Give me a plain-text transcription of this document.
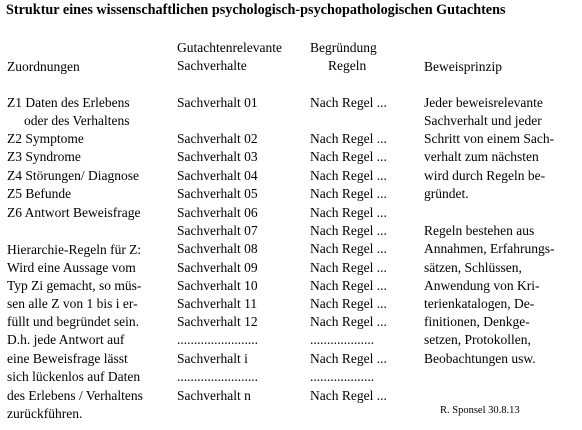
Struktur eines wissenschaftlichen psychologisch-psychopathologischen Gutachtens
Zuordnungen
Gutachtenrelevante
Sachverhalte
Begründung
Regeln	Beweisprinzip
Z1 Daten des Erlebens
oder des Verhaltens
Z2 Symptome
Z3 Syndrome
Z4 Störungen/ Diagnose
Z5 Befunde
Z6 Antwort Beweisfrage
Hierarchie-Regeln für Z:
Wird eine Aussage vom
Typ Zi gemacht, so müs-
sen alle Z von 1 bis i er-
füllt und begründet sein.
D.h. jede Antwort auf
eine Beweisfrage lässt
sich lückenlos auf Daten
des Erlebens / Verhaltens
zurückführen.
Sachverhalt 01
Sachverhalt 02
Sachverhalt 03
Sachverhalt 04
Sachverhalt 05
Sachverhalt 06
Sachverhalt 07
Sachverhalt 08
Sachverhalt 09
Sachverhalt 10
Sachverhalt 11
Sachverhalt 12
........................
Sachverhalt i
........................
Sachverhalt n
Nach Regel ...
Nach Regel ...
Nach Regel ...
Nach Regel ...
Nach Regel ...
Nach Regel ...
Nach Regel ...
Nach Regel ...
Nach Regel ...
Nach Regel ...
Nach Regel ...
Nach Regel ...
...................
Nach Regel ...
...................
Nach Regel ...
Jeder beweisrelevante
Sachverhalt und jeder
Schritt von einem Sach-
verhalt zum nächsten
wird durch Regeln be-
gründet.
Regeln bestehen aus
Annahmen, Erfahrungs-
sätzen, Schlüssen,
Anwendung von Kri-
terienkatalogen, De-
finitionen, Denkge-
setzen, Protokollen,
Beobachtungen usw.
R. Sponsel 30.8.13
